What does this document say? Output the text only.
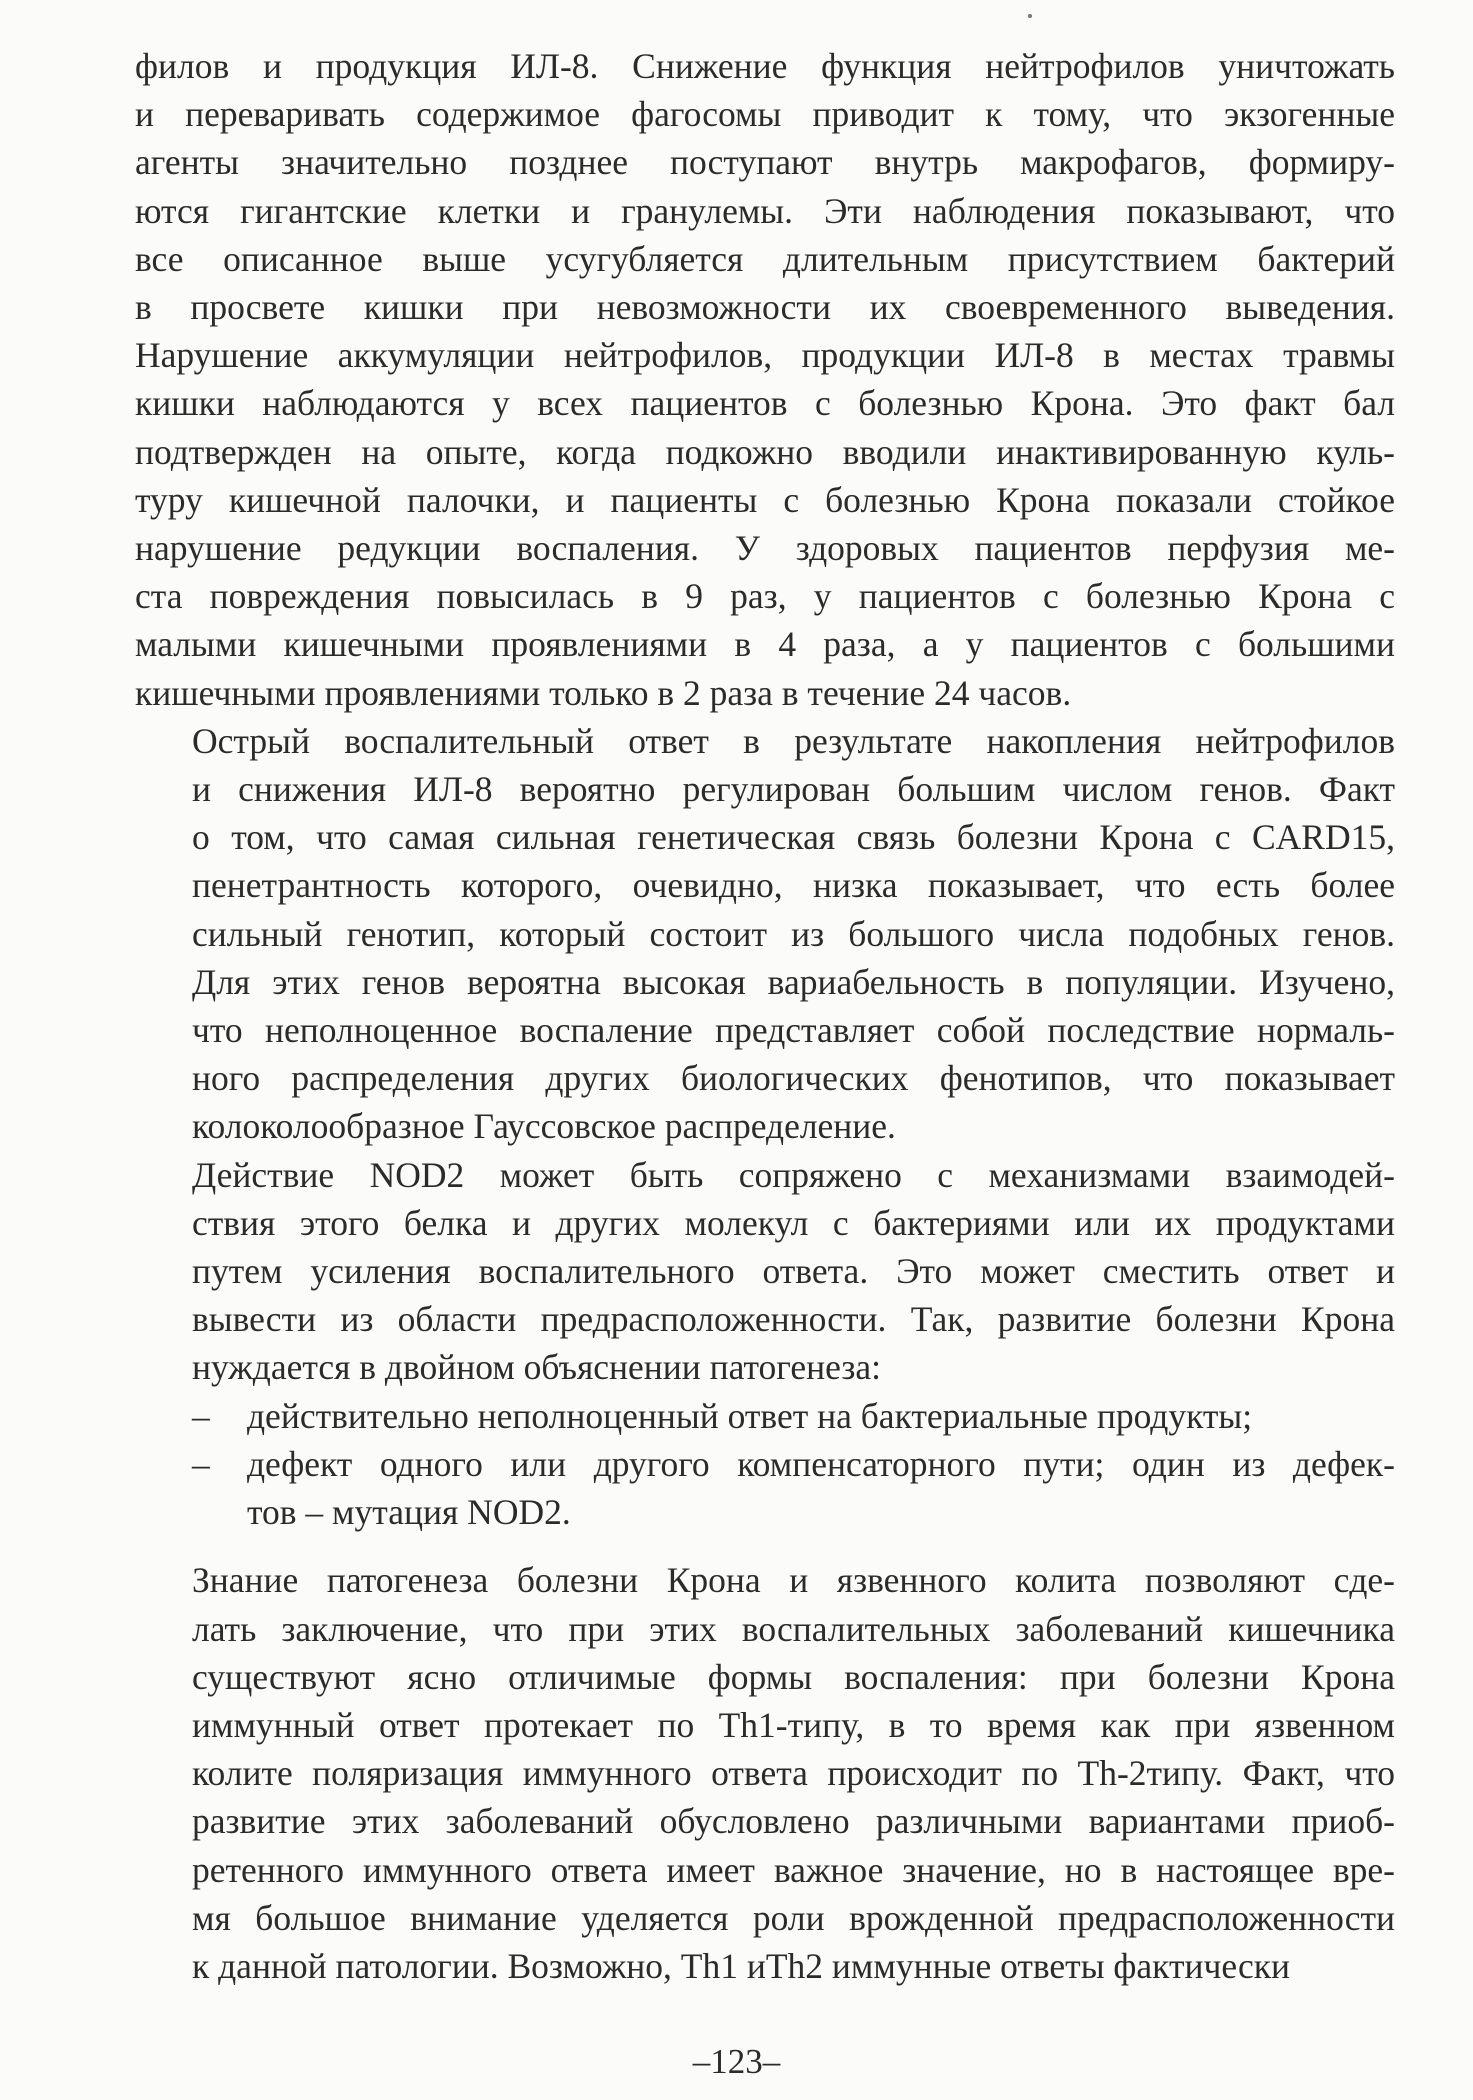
филов и продукция ИЛ-8. Снижение функция нейтрофилов уничтожать
и переваривать содержимое фагосомы приводит к тому, что экзогенные
агенты значительно позднее поступают внутрь макрофагов, формиру-
ются гигантские клетки и гранулемы. Эти наблюдения показывают, что
все описанное выше усугубляется длительным присутствием бактерий
в просвете кишки при невозможности их своевременного выведения.
Нарушение аккумуляции нейтрофилов, продукции ИЛ-8 в местах травмы
кишки наблюдаются у всех пациентов с болезнью Крона. Это факт бал
подтвержден на опыте, когда подкожно вводили инактивированную куль-
туру кишечной палочки, и пациенты с болезнью Крона показали стойкое
нарушение редукции воспаления. У здоровых пациентов перфузия ме-
ста повреждения повысилась в 9 раз, у пациентов с болезнью Крона с
малыми кишечными проявлениями в 4 раза, а у пациентов с большими
кишечными проявлениями только в 2 раза в течение 24 часов.

Острый воспалительный ответ в результате накопления нейтрофилов
и снижения ИЛ-8 вероятно регулирован большим числом генов. Факт
о том, что самая сильная генетическая связь болезни Крона с CARD15,
пенетрантность которого, очевидно, низка показывает, что есть более
сильный генотип, который состоит из большого числа подобных генов.
Для этих генов вероятна высокая вариабельность в популяции. Изучено,
что неполноценное воспаление представляет собой последствие нормаль-
ного распределения других биологических фенотипов, что показывает
колоколообразное Гауссовское распределение.

Действие NOD2 может быть сопряжено с механизмами взаимодей-
ствия этого белка и других молекул с бактериями или их продуктами
путем усиления воспалительного ответа. Это может сместить ответ и
вывести из области предрасположенности. Так, развитие болезни Крона
нуждается в двойном объяснении патогенеза:

– действительно неполноценный ответ на бактериальные продукты;
– дефект одного или другого компенсаторного пути; один из дефек-
тов – мутация NOD2.

Знание патогенеза болезни Крона и язвенного колита позволяют сде-
лать заключение, что при этих воспалительных заболеваний кишечника
существуют ясно отличимые формы воспаления: при болезни Крона
иммунный ответ протекает по Th1-типу, в то время как при язвенном
колите поляризация иммунного ответа происходит по Th-2типу. Факт, что
развитие этих заболеваний обусловлено различными вариантами приоб-
ретенного иммунного ответа имеет важное значение, но в настоящее вре-
мя большое внимание уделяется роли врожденной предрасположенности
к данной патологии. Возможно, Th1 иTh2 иммунные ответы фактически

–123–
